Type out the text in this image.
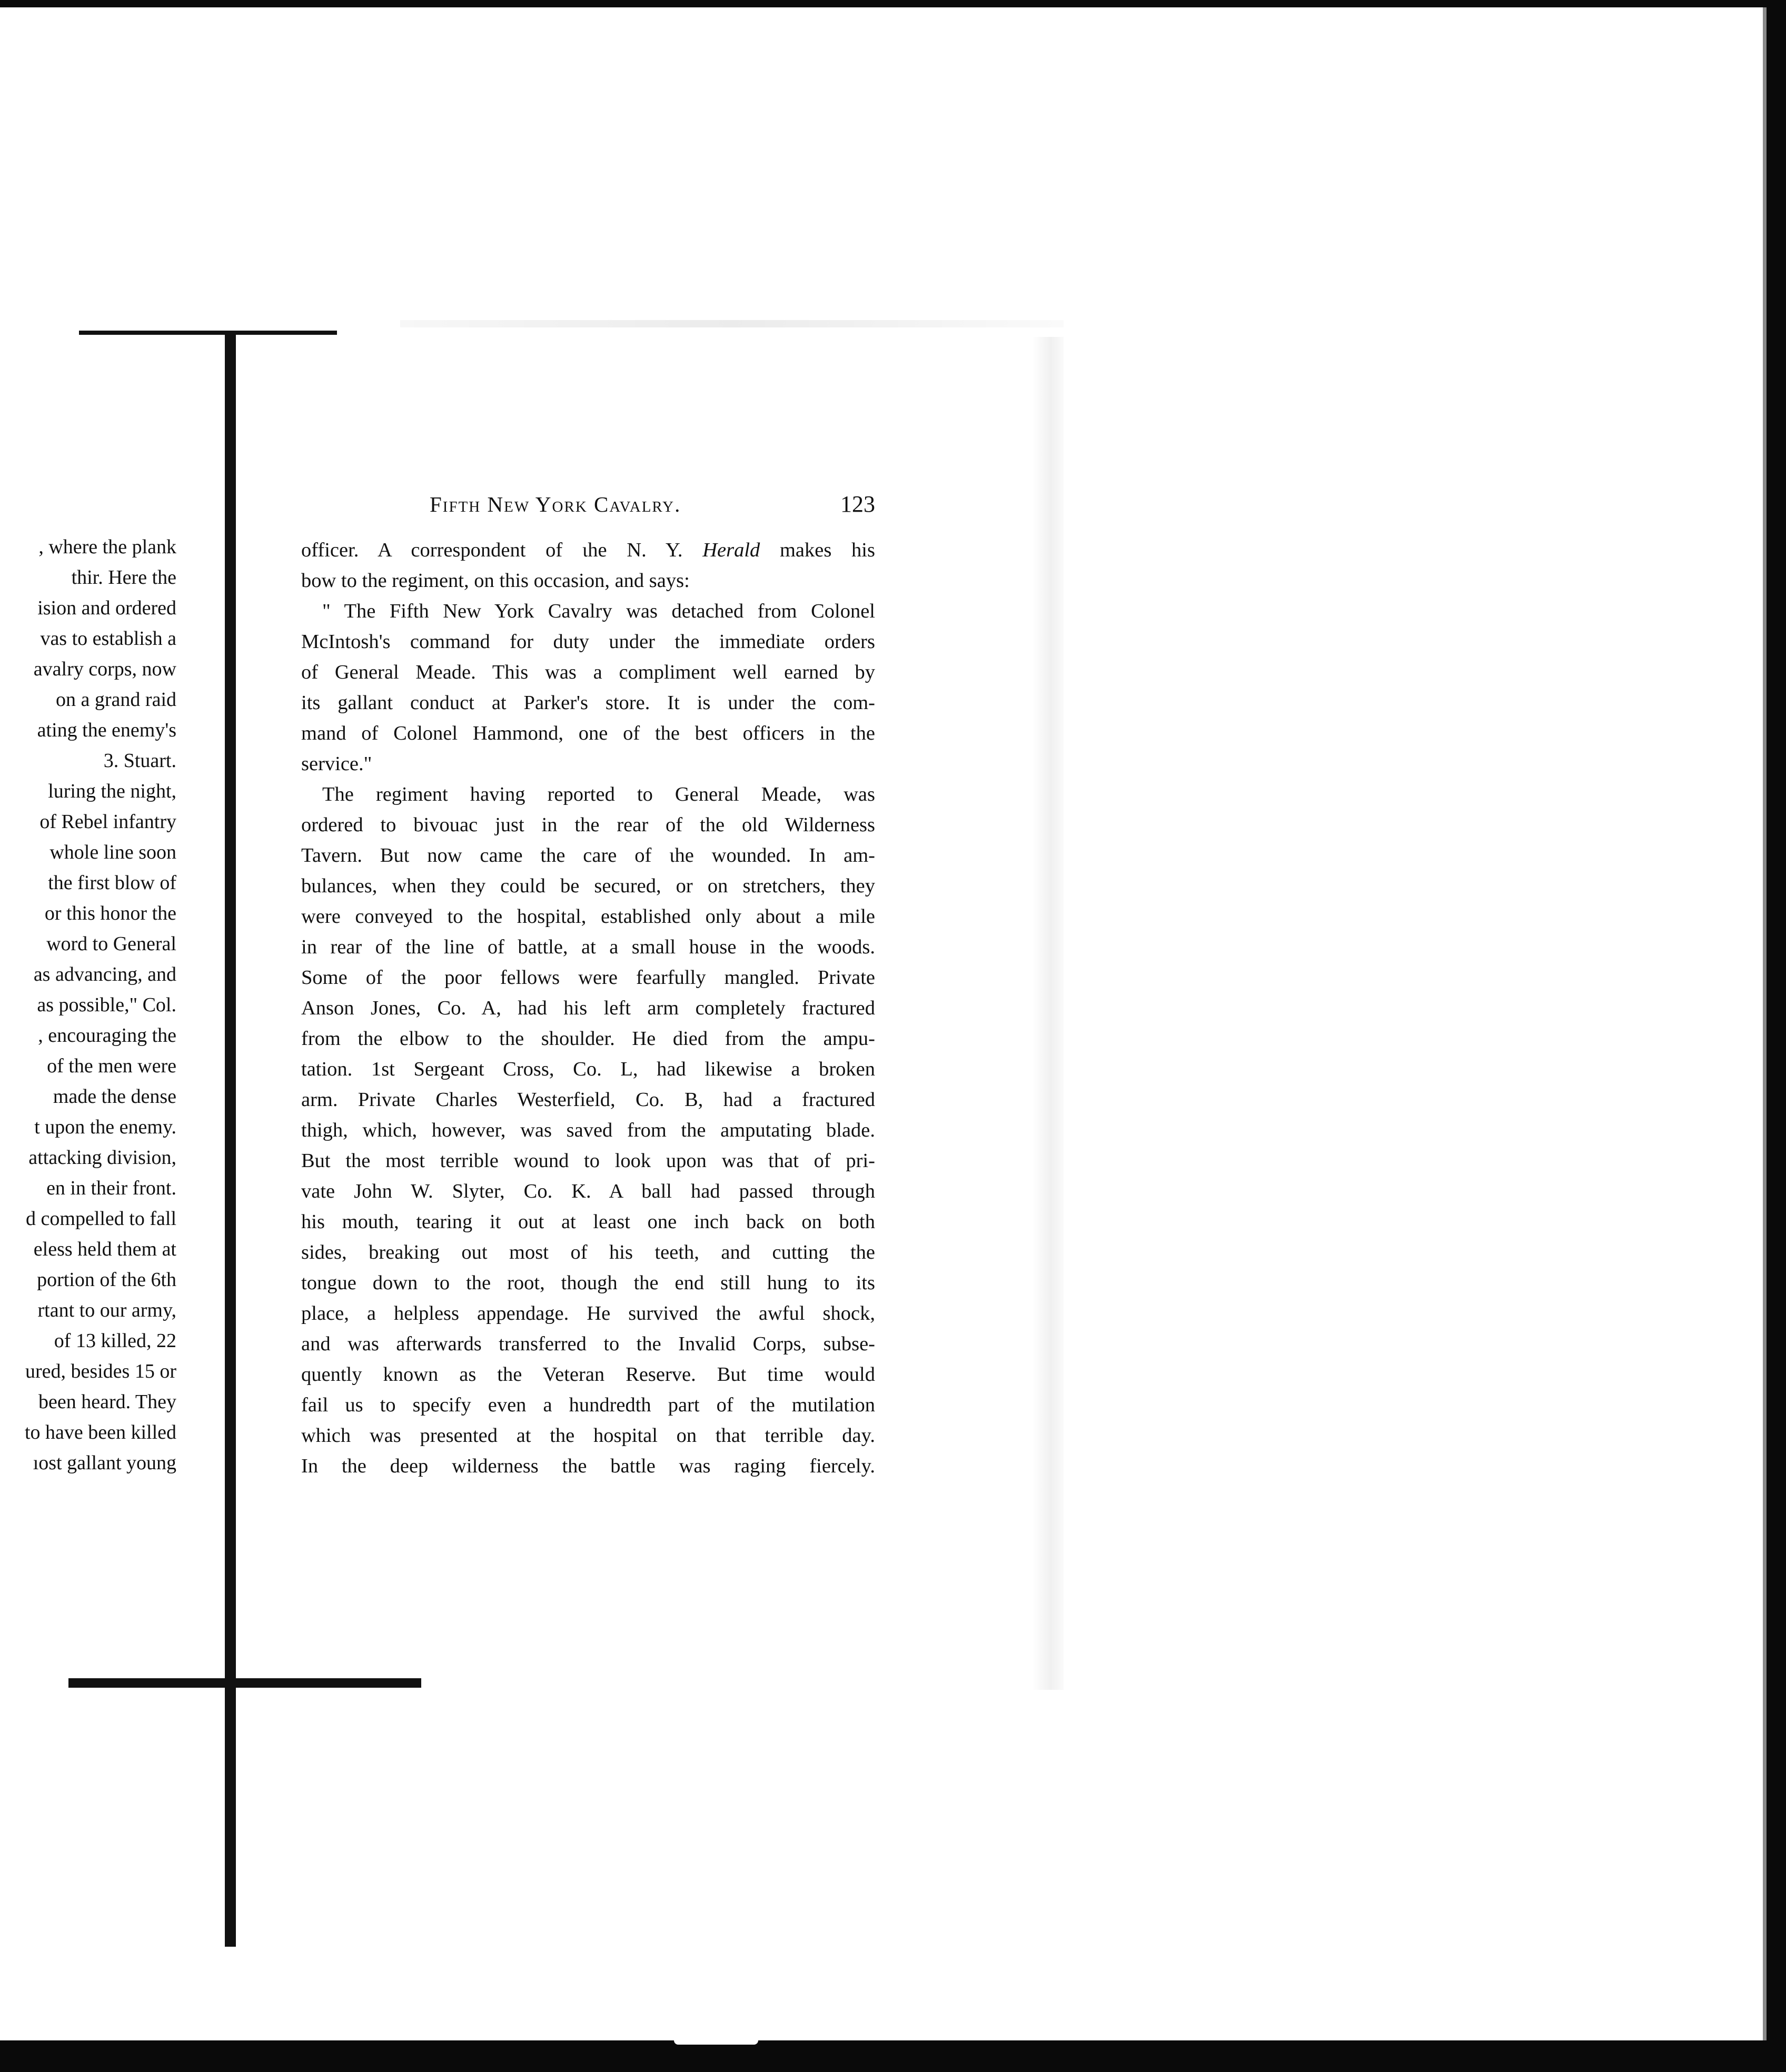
, where the plank
thir. Here the
ision and ordered
vas to establish a
avalry corps, now
on a grand raid
ating the enemy's
3. Stuart.
luring the night,
of Rebel infantry
whole line soon
the first blow of
or this honor the
word to General
as advancing, and
as possible," Col.
, encouraging the
of the men were
made the dense
t upon the enemy.
attacking division,
en in their front.
d compelled to fall
eless held them at
portion of the 6th
rtant to our army,
of 13 killed, 22
ured, besides 15 or
been heard. They
to have been killed
ıost gallant young
Fifth New York Cavalry.	123
officer. A correspondent of ɩhe N. Y. Herald makes his
bow to the regiment, on this occasion, and says:
" The Fifth New York Cavalry was detached from Colonel
McIntosh's command for duty under the immediate orders
of General Meade. This was a compliment well earned by
its gallant conduct at Parker's store. It is under the com-
mand of Colonel Hammond, one of the best officers in the
service."
The regiment having reported to General Meade, was
ordered to bivouac just in the rear of the old Wilderness
Tavern. But now came the care of ɩhe wounded. In am-
bulances, when they could be secured, or on stretchers, they
were conveyed to the hospital, established only about a mile
in rear of the line of battle, at a small house in the woods.
Some of the poor fellows were fearfully mangled. Private
Anson Jones, Co. A, had his left arm completely fractured
from the elbow to the shoulder. He died from the ampu-
tation. 1st Sergeant Cross, Co. L, had likewise a broken
arm. Private Charles Westerfield, Co. B, had a fractured
thigh, which, however, was saved from the amputating blade.
But the most terrible wound to look upon was that of pri-
vate John W. Slyter, Co. K. A ball had passed through
his mouth, tearing it out at least one inch back on both
sides, breaking out most of his teeth, and cutting the
tongue down to the root, though the end still hung to its
place, a helpless appendage. He survived the awful shock,
and was afterwards transferred to the Invalid Corps, subse-
quently known as the Veteran Reserve. But time would
fail us to specify even a hundredth part of the mutilation
which was presented at the hospital on that terrible day.
In the deep wilderness the battle was raging fiercely.
